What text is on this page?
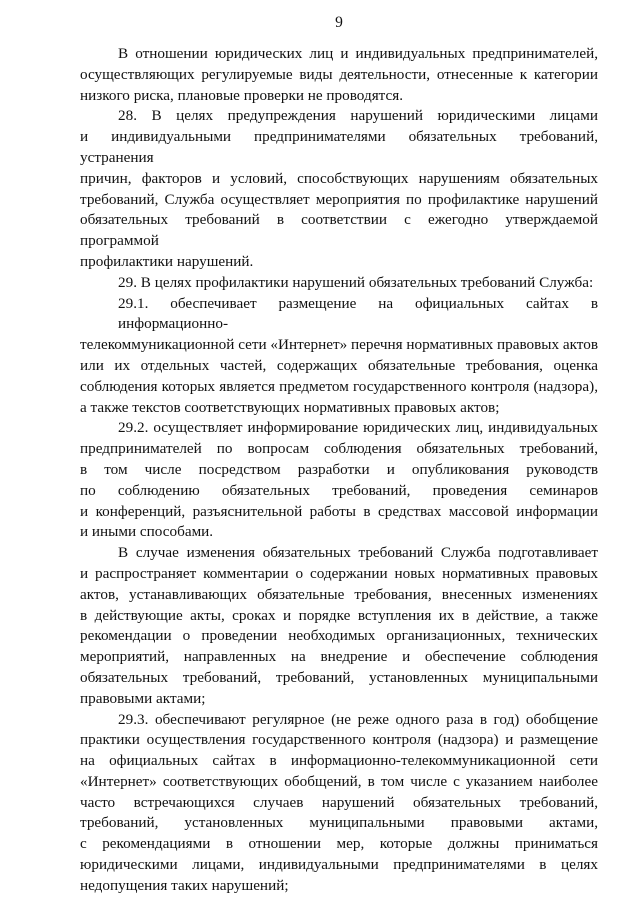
9
В отношении юридических лиц и индивидуальных предпринимателей,
осуществляющих регулируемые виды деятельности, отнесенные к категории
низкого риска, плановые проверки не проводятся.
28. В целях предупреждения нарушений юридическими лицами
и индивидуальными предпринимателями обязательных требований, устранения
причин, факторов и условий, способствующих нарушениям обязательных
требований, Служба осуществляет мероприятия по профилактике нарушений
обязательных требований в соответствии с ежегодно утверждаемой программой
профилактики нарушений.
29. В целях профилактики нарушений обязательных требований Служба:
29.1. обеспечивает размещение на официальных сайтах в информационно-
телекоммуникационной сети «Интернет» перечня нормативных правовых актов
или их отдельных частей, содержащих обязательные требования, оценка
соблюдения которых является предметом государственного контроля (надзора),
а также текстов соответствующих нормативных правовых актов;
29.2. осуществляет информирование юридических лиц, индивидуальных
предпринимателей по вопросам соблюдения обязательных требований,
в том числе посредством разработки и опубликования руководств
по соблюдению обязательных требований, проведения семинаров
и конференций, разъяснительной работы в средствах массовой информации
и иными способами.
В случае изменения обязательных требований Служба подготавливает
и распространяет комментарии о содержании новых нормативных правовых
актов, устанавливающих обязательные требования, внесенных изменениях
в действующие акты, сроках и порядке вступления их в действие, а также
рекомендации о проведении необходимых организационных, технических
мероприятий, направленных на внедрение и обеспечение соблюдения
обязательных требований, требований, установленных муниципальными
правовыми актами;
29.3. обеспечивают регулярное (не реже одного раза в год) обобщение
практики осуществления государственного контроля (надзора) и размещение
на официальных сайтах в информационно-телекоммуникационной сети
«Интернет» соответствующих обобщений, в том числе с указанием наиболее
часто встречающихся случаев нарушений обязательных требований,
требований, установленных муниципальными правовыми актами,
с рекомендациями в отношении мер, которые должны приниматься
юридическими лицами, индивидуальными предпринимателями в целях
недопущения таких нарушений;
